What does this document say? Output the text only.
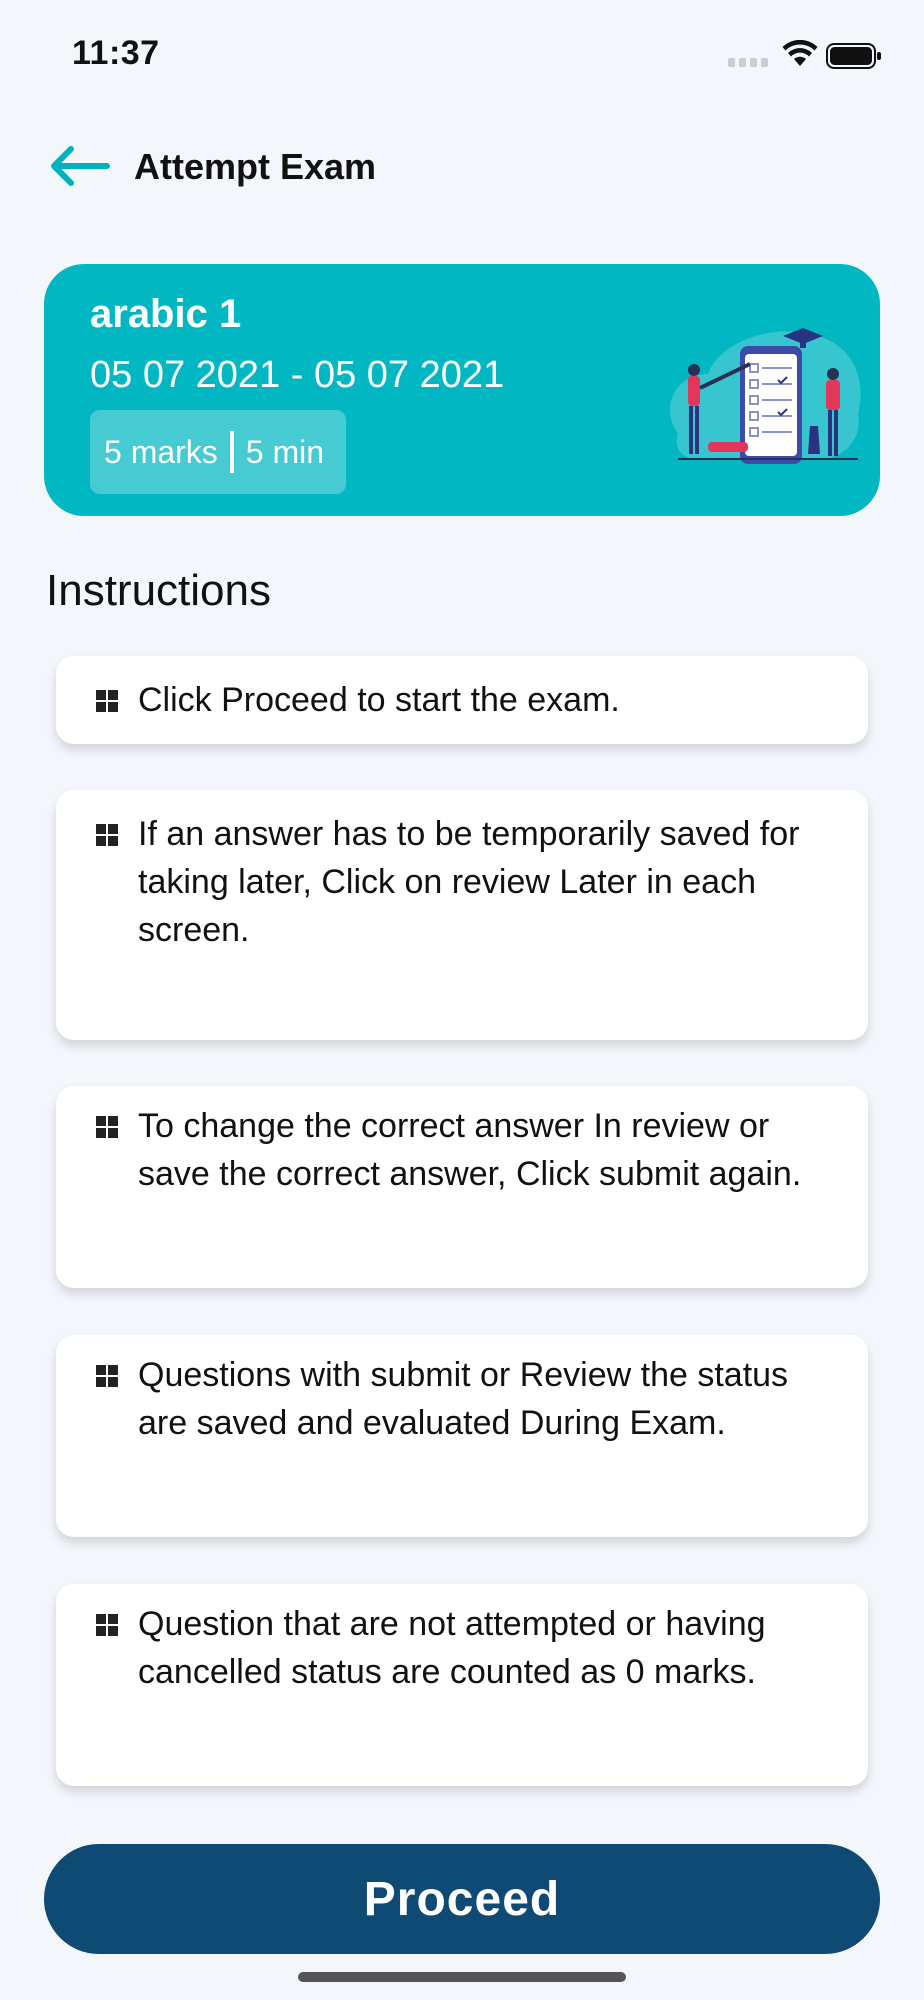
11:37
Attempt Exam
arabic 1
05 07 2021 - 05 07 2021
5 marks 5 min
Instructions
Click Proceed to start the exam.
If an answer has to be temporarily saved for taking later, Click on review Later in each screen.
To change the correct answer In review or save the correct answer, Click submit again.
Questions with submit or Review the status are saved and evaluated During Exam.
Question that are not attempted or having cancelled status are counted as 0 marks.
Proceed
